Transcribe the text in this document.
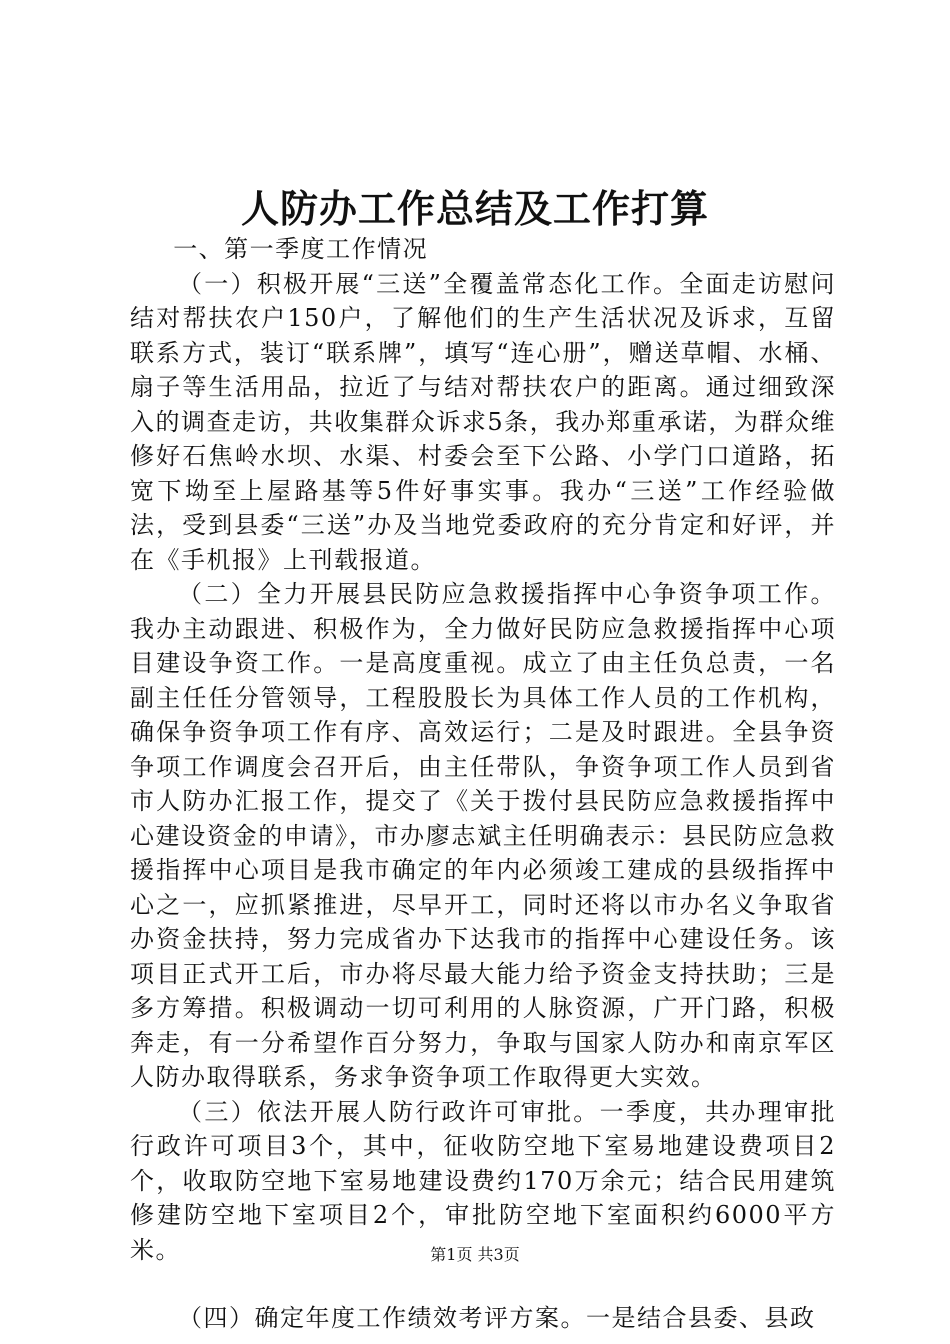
人防办工作总结及工作打算

一、第一季度工作情况

（一）积极开展“三送”全覆盖常态化工作。全面走访慰问结对帮扶农户150户，了解他们的生产生活状况及诉求，互留联系方式，装订“联系牌”，填写“连心册”，赠送草帽、水桶、扇子等生活用品，拉近了与结对帮扶农户的距离。通过细致深入的调查走访，共收集群众诉求5条，我办郑重承诺，为群众维修好石焦岭水坝、水渠、村委会至下公路、小学门口道路，拓宽下坳至上屋路基等5件好事实事。我办“三送”工作经验做法，受到县委“三送”办及当地党委政府的充分肯定和好评，并在《手机报》上刊载报道。

（二）全力开展县民防应急救援指挥中心争资争项工作。我办主动跟进、积极作为，全力做好民防应急救援指挥中心项目建设争资工作。一是高度重视。成立了由主任负总责，一名副主任任分管领导，工程股股长为具体工作人员的工作机构，确保争资争项工作有序、高效运行；二是及时跟进。全县争资争项工作调度会召开后，由主任带队，争资争项工作人员到省市人防办汇报工作，提交了《关于拨付县民防应急救援指挥中心建设资金的申请》，市办廖志斌主任明确表示：县民防应急救援指挥中心项目是我市确定的年内必须竣工建成的县级指挥中心之一，应抓紧推进，尽早开工，同时还将以市办名义争取省办资金扶持，努力完成省办下达我市的指挥中心建设任务。该项目正式开工后，市办将尽最大能力给予资金支持扶助；三是多方筹措。积极调动一切可利用的人脉资源，广开门路，积极奔走，有一分希望作百分努力，争取与国家人防办和南京军区人防办取得联系，务求争资争项工作取得更大实效。

（三）依法开展人防行政许可审批。一季度，共办理审批行政许可项目3个，其中，征收防空地下室易地建设费项目2个，收取防空地下室易地建设费约170万余元；结合民用建筑修建防空地下室项目2个，审批防空地下室面积约6000平方米。

（四）确定年度工作绩效考评方案。一是结合县委、县政

第1页 共3页
